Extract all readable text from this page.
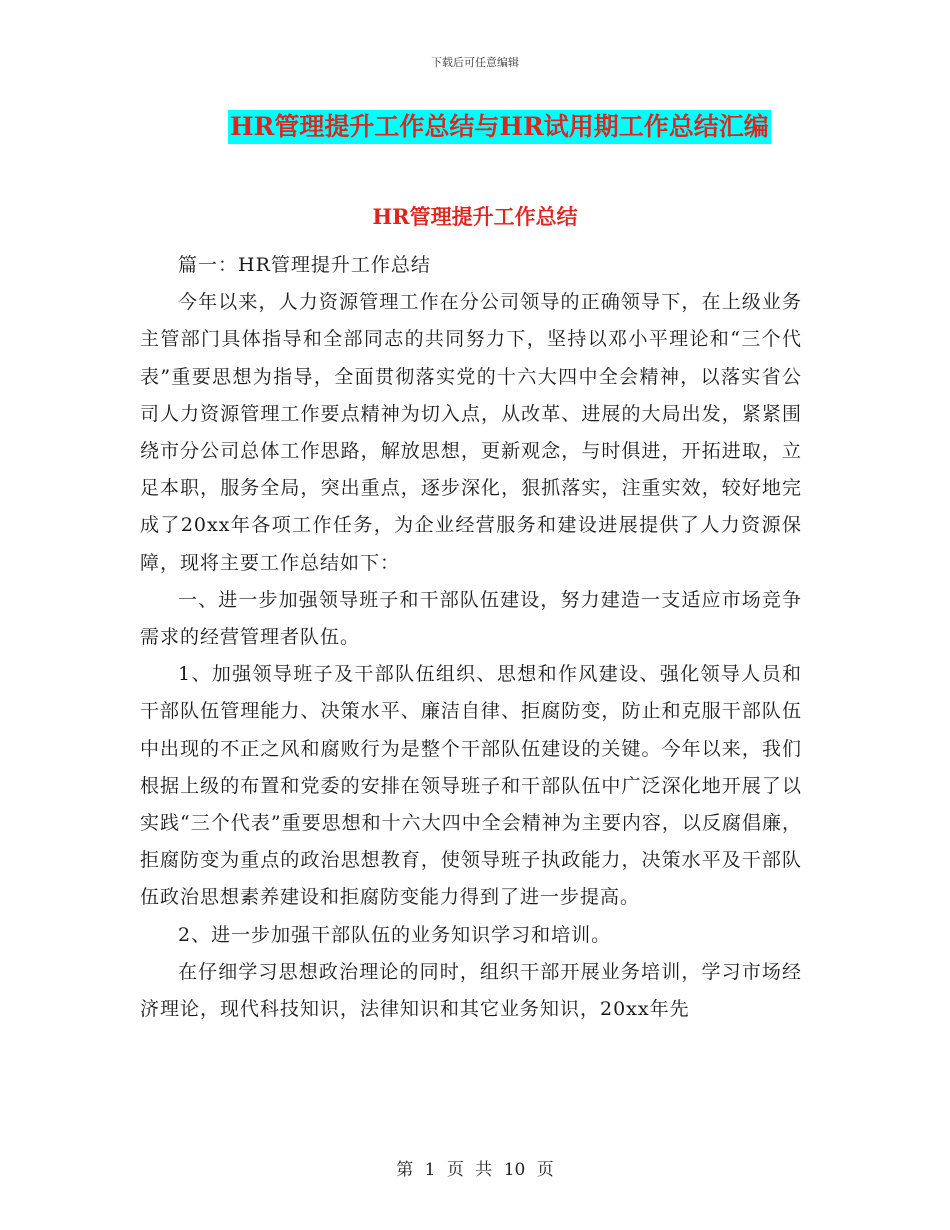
下载后可任意编辑
HR管理提升工作总结与HR试用期工作总结汇编
HR管理提升工作总结

篇一：HR管理提升工作总结

今年以来，人力资源管理工作在分公司领导的正确领导下，在上级业务主管部门具体指导和全部同志的共同努力下，坚持以邓小平理论和“三个代表”重要思想为指导，全面贯彻落实党的十六大四中全会精神，以落实省公司人力资源管理工作要点精神为切入点，从改革、进展的大局出发，紧紧围绕市分公司总体工作思路，解放思想，更新观念，与时俱进，开拓进取，立足本职，服务全局，突出重点，逐步深化，狠抓落实，注重实效，较好地完成了20xx年各项工作任务，为企业经营服务和建设进展提供了人力资源保障，现将主要工作总结如下：

一、进一步加强领导班子和干部队伍建设，努力建造一支适应市场竞争需求的经营管理者队伍。

1、加强领导班子及干部队伍组织、思想和作风建设、强化领导人员和干部队伍管理能力、决策水平、廉洁自律、拒腐防变，防止和克服干部队伍中出现的不正之风和腐败行为是整个干部队伍建设的关键。今年以来，我们根据上级的布置和党委的安排在领导班子和干部队伍中广泛深化地开展了以实践“三个代表”重要思想和十六大四中全会精神为主要内容，以反腐倡廉，拒腐防变为重点的政治思想教育，使领导班子执政能力，决策水平及干部队伍政治思想素养建设和拒腐防变能力得到了进一步提高。

2、进一步加强干部队伍的业务知识学习和培训。

在仔细学习思想政治理论的同时，组织干部开展业务培训，学习市场经济理论，现代科技知识，法律知识和其它业务知识，20xx年先

第 1 页 共 10 页
